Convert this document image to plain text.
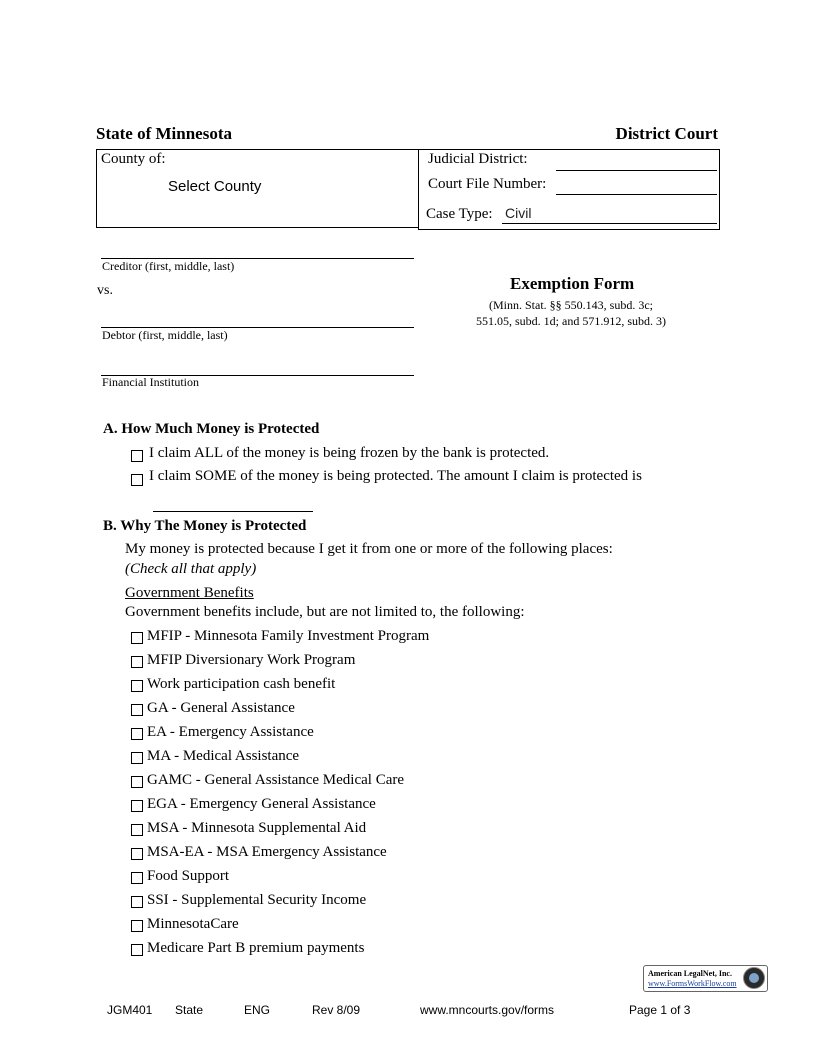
State of Minnesota	District Court
County of:
Select County
Judicial District:
Court File Number:
Case Type: Civil
Creditor (first, middle, last)
vs.
Debtor (first, middle, last)
Financial Institution
Exemption Form
(Minn. Stat. §§ 550.143, subd. 3c;
551.05, subd. 1d; and 571.912, subd. 3)
A. How Much Money is Protected
I claim ALL of the money is being frozen by the bank is protected.
I claim SOME of the money is being protected. The amount I claim is protected is
B. Why The Money is Protected
My money is protected because I get it from one or more of the following places:
(Check all that apply)
Government Benefits
Government benefits include, but are not limited to, the following:
MFIP - Minnesota Family Investment Program
MFIP Diversionary Work Program
Work participation cash benefit
GA - General Assistance
EA - Emergency Assistance
MA - Medical Assistance
GAMC - General Assistance Medical Care
EGA - Emergency General Assistance
MSA - Minnesota Supplemental Aid
MSA-EA - MSA Emergency Assistance
Food Support
SSI - Supplemental Security Income
MinnesotaCare
Medicare Part B premium payments
American LegalNet, Inc.
www.FormsWorkFlow.com
JGM401 State	ENG	Rev 8/09	www.mncourts.gov/forms	Page 1 of 3
